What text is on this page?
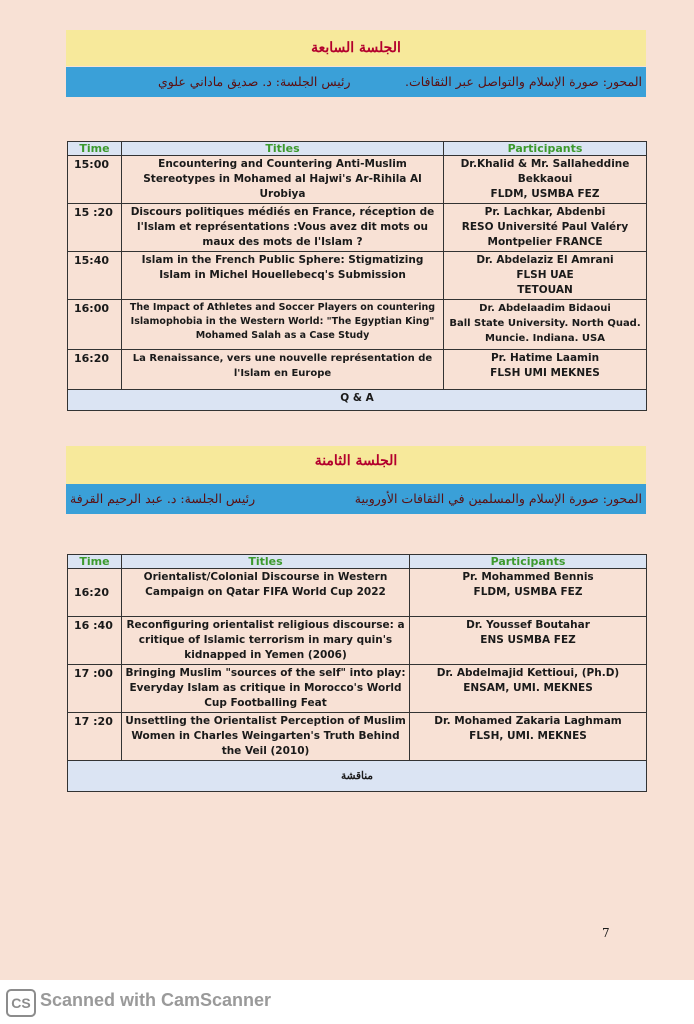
الجلسة السابعة
المحور: صورة الإسلام والتواصل عبر الثقافات.
رئيس الجلسة: د. صديق ماداني علوي
Time	Titles	Participants
15:00	Encountering and Countering Anti-Muslim Stereotypes in Mohamed al Hajwi's Ar-Rihila Al Urobiya	Dr.Khalid & Mr. Sallaheddine Bekkaoui
FLDM, USMBA FEZ
15 :20	Discours politiques médiés en France, réception de l'Islam et représentations :Vous avez dit mots ou maux des mots de l'Islam ?	Pr. Lachkar, Abdenbi
RESO Université Paul Valéry Montpelier FRANCE
15:40	Islam in the French Public Sphere: Stigmatizing Islam in Michel Houellebecq's Submission	Dr. Abdelaziz El Amrani
FLSH UAE
TETOUAN
16:00	The Impact of Athletes and Soccer Players on countering Islamophobia in the Western World: "The Egyptian King" Mohamed Salah as a Case Study	Dr. Abdelaadim Bidaoui
Ball State University. North Quad. Muncie. Indiana. USA
16:20	La Renaissance, vers une nouvelle représentation de l'Islam en Europe	Pr. Hatime Laamin
FLSH UMI MEKNES
Q & A		
الجلسة الثامنة
المحور: صورة الإسلام والمسلمين في الثقافات الأوروبية
رئيس الجلسة: د. عبد الرحيم القرفة
Time	Titles	Participants
16:20	Orientalist/Colonial Discourse in Western Campaign on Qatar FIFA World Cup 2022	Pr. Mohammed Bennis
FLDM, USMBA FEZ
16 :40	Reconfiguring orientalist religious discourse: a critique of Islamic terrorism in mary quin's kidnapped in Yemen (2006)	Dr. Youssef Boutahar
ENS USMBA FEZ
17 :00	Bringing Muslim "sources of the self" into play: Everyday Islam as critique in Morocco's World Cup Footballing Feat	Dr. Abdelmajid Kettioui, (Ph.D)
ENSAM, UMI. MEKNES
17 :20	Unsettling the Orientalist Perception of Muslim Women in Charles Weingarten's Truth Behind the Veil (2010)	Dr. Mohamed Zakaria Laghmam
FLSH, UMI. MEKNES
مناقشة		
7
CS Scanned with CamScanner
